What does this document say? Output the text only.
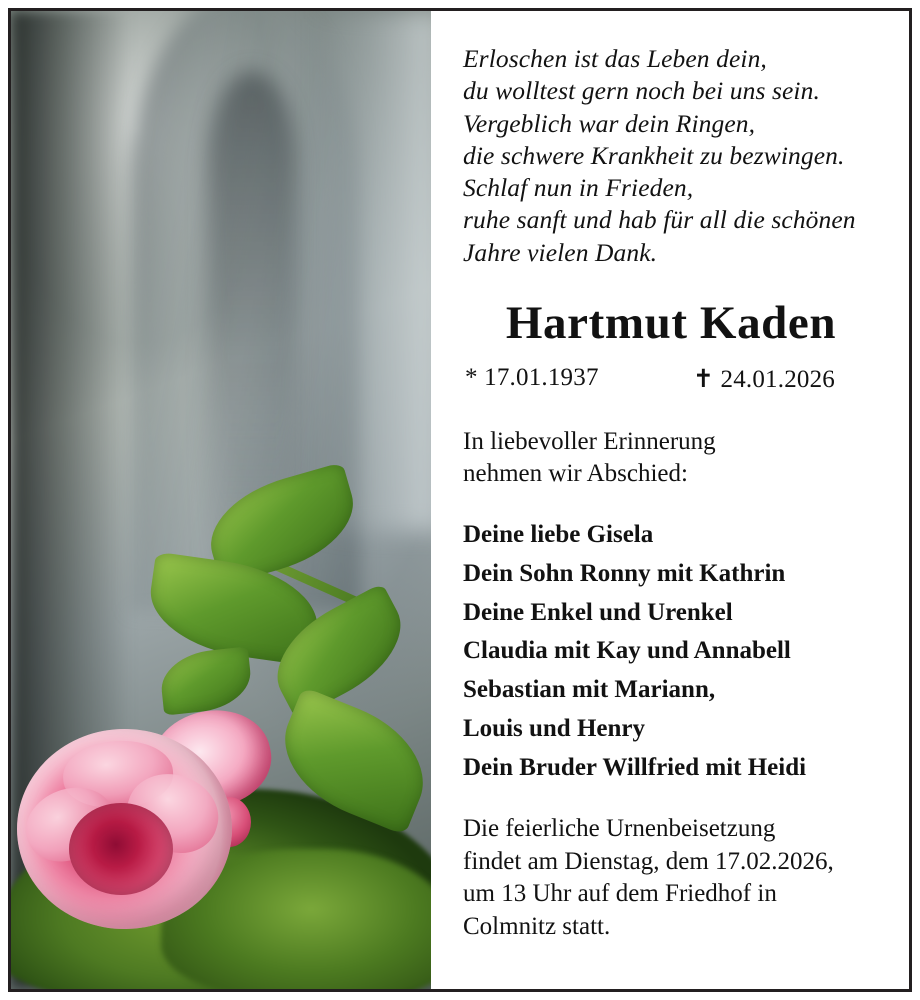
Erloschen ist das Leben dein,
du wolltest gern noch bei uns sein.
Vergeblich war dein Ringen,
die schwere Krankheit zu bezwingen.
Schlaf nun in Frieden,
ruhe sanft und hab für all die schönen
Jahre vielen Dank.
Hartmut Kaden
* 17.01.1937	✝ 24.01.2026
In liebevoller Erinnerung
nehmen wir Abschied:
Deine liebe Gisela
Dein Sohn Ronny mit Kathrin
Deine Enkel und Urenkel
Claudia mit Kay und Annabell
Sebastian mit Mariann,
Louis und Henry
Dein Bruder Willfried mit Heidi
Die feierliche Urnenbeisetzung
findet am Dienstag, dem 17.02.2026,
um 13 Uhr auf dem Friedhof in
Colmnitz statt.
